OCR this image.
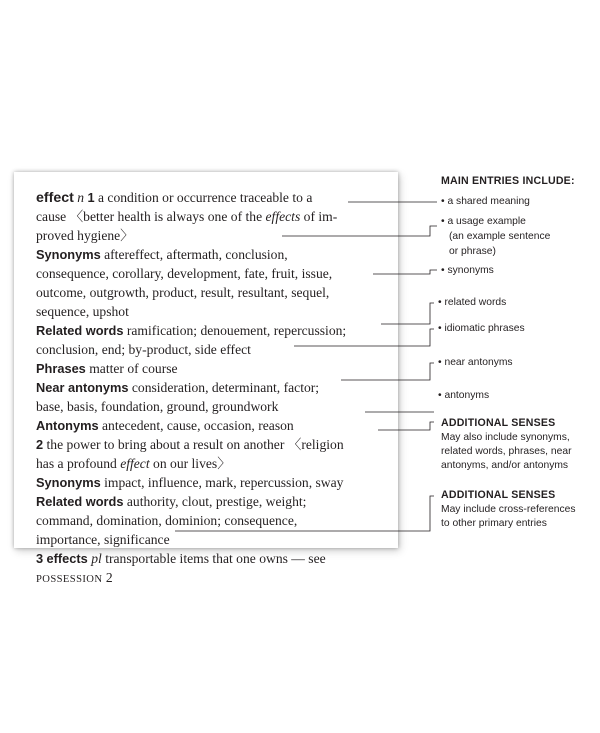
effect n 1 a condition or occurrence traceable to a
cause 〈better health is always one of the effects of im-
proved hygiene〉
Synonyms aftereffect, aftermath, conclusion,
consequence, corollary, development, fate, fruit, issue,
outcome, outgrowth, product, result, resultant, sequel,
sequence, upshot
Related words ramification; denouement, repercussion;
conclusion, end; by-product, side effect
Phrases matter of course
Near antonyms consideration, determinant, factor;
base, basis, foundation, ground, groundwork
Antonyms antecedent, cause, occasion, reason
2 the power to bring about a result on another 〈religion
has a profound effect on our lives〉
Synonyms impact, influence, mark, repercussion, sway
Related words authority, clout, prestige, weight;
command, domination, dominion; consequence,
importance, significance
3 effects pl transportable items that one owns — see
POSSESSION 2
MAIN ENTRIES INCLUDE:
• a shared meaning
• a usage example
(an example sentence
or phrase)
• synonyms
• related words
• idiomatic phrases
• near antonyms
• antonyms
ADDITIONAL SENSES
May also include synonyms,
related words, phrases, near
antonyms, and/or antonyms
ADDITIONAL SENSES
May include cross-references
to other primary entries
